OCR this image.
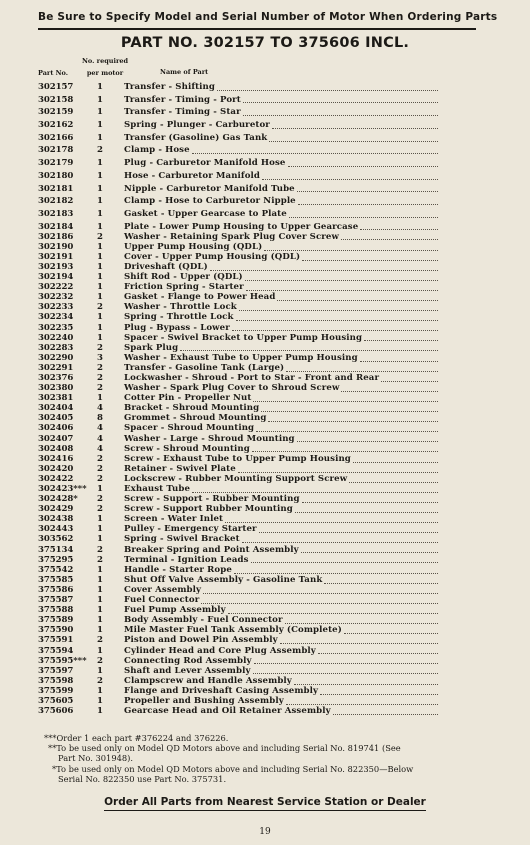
Be Sure to Specify Model and Serial Number of Motor When Ordering Parts
PART NO. 302157 TO 375606 INCL.
No. required
Part No.	per motor	Name of Part
302157	1	Transfer - Shifting
302158	1	Transfer - Timing - Port
302159	1	Transfer - Timing - Star
302162	1	Spring - Plunger - Carburetor
302166	1	Transfer (Gasoline) Gas Tank
302178	2	Clamp - Hose
302179	1	Plug - Carburetor Manifold Hose
302180	1	Hose - Carburetor Manifold
302181	1	Nipple - Carburetor Manifold Tube
302182	1	Clamp - Hose to Carburetor Nipple
302183	1	Gasket - Upper Gearcase to Plate
302184	1	Plate - Lower Pump Housing to Upper Gearcase
302186	2	Washer - Retaining Spark Plug Cover Screw
302190	1	Upper Pump Housing (QDL)
302191	1	Cover - Upper Pump Housing (QDL)
302193	1	Driveshaft (QDL)
302194	1	Shift Rod - Upper (QDL)
302222	1	Friction Spring - Starter
302232	1	Gasket - Flange to Power Head
302233	2	Washer - Throttle Lock
302234	1	Spring - Throttle Lock
302235	1	Plug - Bypass - Lower
302240	1	Spacer - Swivel Bracket to Upper Pump Housing
302283	2	Spark Plug
302290	3	Washer - Exhaust Tube to Upper Pump Housing
302291	2	Transfer - Gasoline Tank (Large)
302376	2	Lockwasher - Shroud - Port to Star - Front and Rear
302380	2	Washer - Spark Plug Cover to Shroud Screw
302381	1	Cotter Pin - Propeller Nut
302404	4	Bracket - Shroud Mounting
302405	8	Grommet - Shroud Mounting
302406	4	Spacer - Shroud Mounting
302407	4	Washer - Large - Shroud Mounting
302408	4	Screw - Shroud Mounting
302416	2	Screw - Exhaust Tube to Upper Pump Housing
302420	2	Retainer - Swivel Plate
302422	2	Lockscrew - Rubber Mounting Support Screw
302423***	1	Exhaust Tube
302428*	2	Screw - Support - Rubber Mounting
302429	2	Screw - Support Rubber Mounting
302438	1	Screen - Water Inlet
302443	1	Pulley - Emergency Starter
303562	1	Spring - Swivel Bracket
375134	2	Breaker Spring and Point Assembly
375295	2	Terminal - Ignition Leads
375542	1	Handle - Starter Rope
375585	1	Shut Off Valve Assembly - Gasoline Tank
375586	1	Cover Assembly
375587	1	Fuel Connector
375588	1	Fuel Pump Assembly
375589	1	Body Assembly - Fuel Connector
375590	1	Mile Master Fuel Tank Assembly (Complete)
375591	2	Piston and Dowel Pin Assembly
375594	1	Cylinder Head and Core Plug Assembly
375595***	2	Connecting Rod Assembly
375597	1	Shaft and Lever Assembly
375598	2	Clampscrew and Handle Assembly
375599	1	Flange and Driveshaft Casing Assembly
375605	1	Propeller and Bushing Assembly
375606	1	Gearcase Head and Oil Retainer Assembly
***Order 1 each part #376224 and 376226.
**To be used only on Model QD Motors above and including Serial No. 819741 (See
Part No. 301948).
*To be used only on Model QD Motors above and including Serial No. 822350—Below
Serial No. 822350 use Part No. 375731.
Order All Parts from Nearest Service Station or Dealer
19
